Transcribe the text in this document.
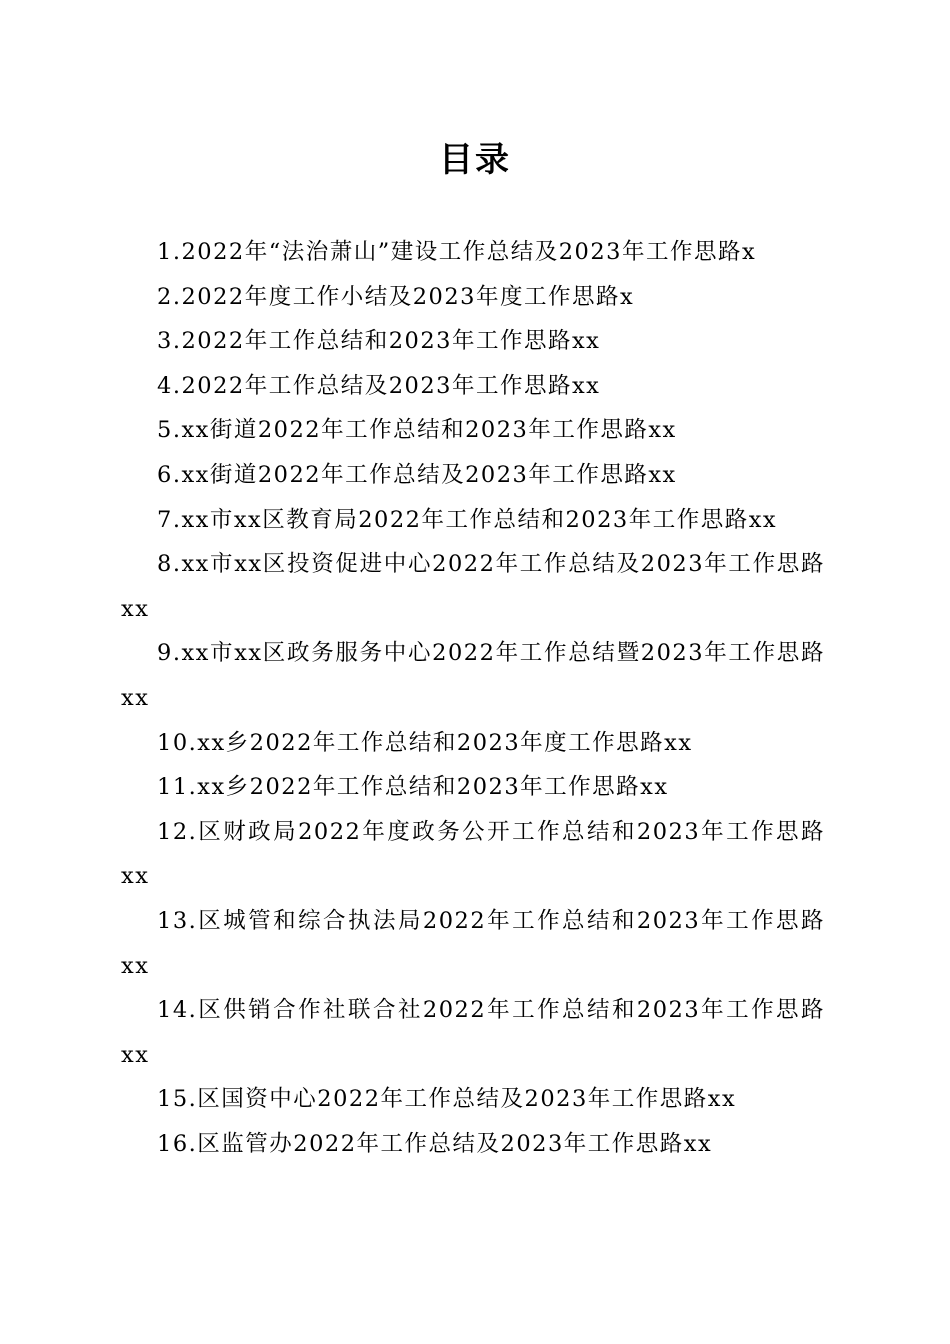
目录

1.2022年“法治萧山”建设工作总结及2023年工作思路x

2.2022年度工作小结及2023年度工作思路x

3.2022年工作总结和2023年工作思路xx

4.2022年工作总结及2023年工作思路xx

5.xx街道2022年工作总结和2023年工作思路xx

6.xx街道2022年工作总结及2023年工作思路xx

7.xx市xx区教育局2022年工作总结和2023年工作思路xx

8.xx市xx区投资促进中心2022年工作总结及2023年工作思路xx

9.xx市xx区政务服务中心2022年工作总结暨2023年工作思路xx

10.xx乡2022年工作总结和2023年度工作思路xx

11.xx乡2022年工作总结和2023年工作思路xx

12.区财政局2022年度政务公开工作总结和2023年工作思路xx

13.区城管和综合执法局2022年工作总结和2023年工作思路xx

14.区供销合作社联合社2022年工作总结和2023年工作思路xx

15.区国资中心2022年工作总结及2023年工作思路xx

16.区监管办2022年工作总结及2023年工作思路xx
